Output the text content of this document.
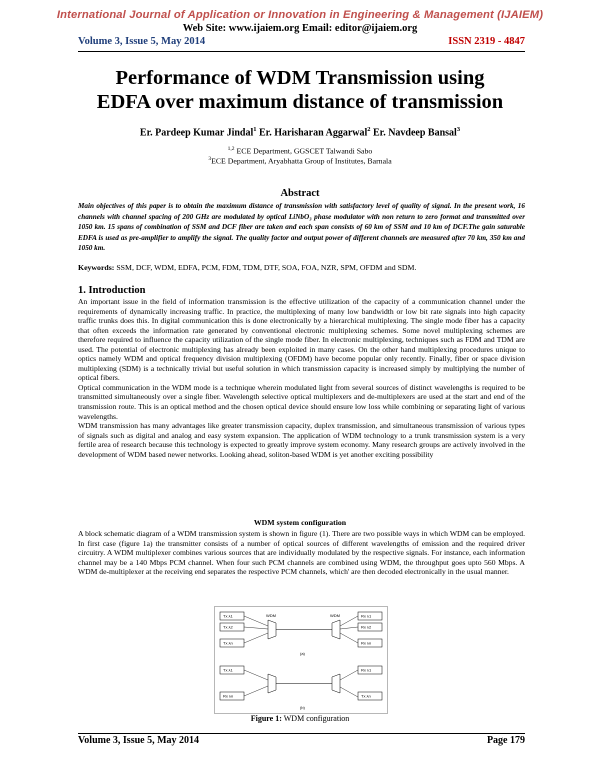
International Journal of Application or Innovation in Engineering & Management (IJAIEM)
Web Site: www.ijaiem.org Email: editor@ijaiem.org
Volume 3, Issue 5, May 2014	ISSN 2319 - 4847
Performance of WDM Transmission using
EDFA over maximum distance of transmission
Er. Pardeep Kumar Jindal$^1$ Er. Harisharan Aggarwal$^2$ Er. Navdeep Bansal$^3$
$^{1,2}$ ECE Department, GGSCET Talwandi Sabo
$^3$ECE Department, Aryabhatta Group of Institutes, Barnala
Abstract
Main objectives of this paper is to obtain the maximum distance of transmission with satisfactory level of quality of signal. In the present work, 16 channels with channel spacing of 200 GHz are modulated by optical LiNbO₃ phase modulator with non return to zero format and transmitted over 1050 km. 15 spans of combination of SSM and DCF fiber are taken and each span consists of 60 km of SSM and 10 km of DCF.The gain saturable EDFA is used as pre-amplifier to amplify the signal. The quality factor and output power of different channels are measured after 70 km, 350 km and 1050 km.
Keywords: SSM, DCF, WDM, EDFA, PCM, FDM, TDM, DTF, SOA, FOA, NZR, SPM, OFDM and SDM.
1. Introduction

An important issue in the field of information transmission is the effective utilization of the capacity of a communication channel under the requirements of dynamically increasing traffic. In practice, the multiplexing of many low bandwidth or low bit rate signals into high capacity traffic trunks does this. In digital communication this is done electronically by a hierarchical multiplexing. The single mode fiber has a capacity that often exceeds the information rate generated by conventional electronic multiplexing schemes. Some novel multiplexing schemes are therefore required to influence the capacity utilization of the single mode fiber. In electronic multiplexing, techniques such as FDM and TDM are used. The potential of electronic multiplexing has already been exploited in many cases. On the other hand multiplexing procedures unique to optics namely WDM and optical frequency division multiplexing (OFDM) have become popular only recently. Finally, fiber or space division multiplexing (SDM) is a technically trivial but useful solution in which transmission capacity is increased simply by multiplying the number of optical fibers.

Optical communication in the WDM mode is a technique wherein modulated light from several sources of distinct wavelengths is required to be transmitted simultaneously over a single fiber. Wavelength selective optical multiplexers and de-multiplexers are used at the start and end of the transmission route. This is an optical method and the chosen optical device should ensure low loss while combining or separating light of various wavelengths.

WDM transmission has many advantages like greater transmission capacity, duplex transmission, and simultaneous transmission of various types of signals such as digital and analog and easy system expansion. The application of WDM technology to a trunk transmission system is a very fertile area of research because this technology is expected to greatly improve system economy. Many research groups are actively involved in the development of WDM based newer networks. Looking ahead, soliton-based WDM is yet another exciting possibility

WDM system configuration

A block schematic diagram of a WDM transmission system is shown in figure (1). There are two possible ways in which WDM can be employed. In first case (figure 1a) the transmitter consists of a number of optical sources of different wavelengths of emission and the required driver circuitry. A WDM multiplexer combines various sources that are individually modulated by the respective signals. For instance, each information channel may be a 140 Mbps PCM channel. When four such PCM channels are combined using WDM, the throughput goes upto 560 Mbps. A WDM de-multiplexer at the receiving end separates the respective PCM channels, which' are then decoded electronically in the usual manner.

Tx λ1
Tx λ2
Tx λn
WDM	WDM	Rx λ1
Rx λ2
Rx λn
(a)
Tx λ1
Rx λn
Rx λ1
Tx λn
(b)
Figure 1: WDM configuration
Volume 3, Issue 5, May 2014	Page 179
